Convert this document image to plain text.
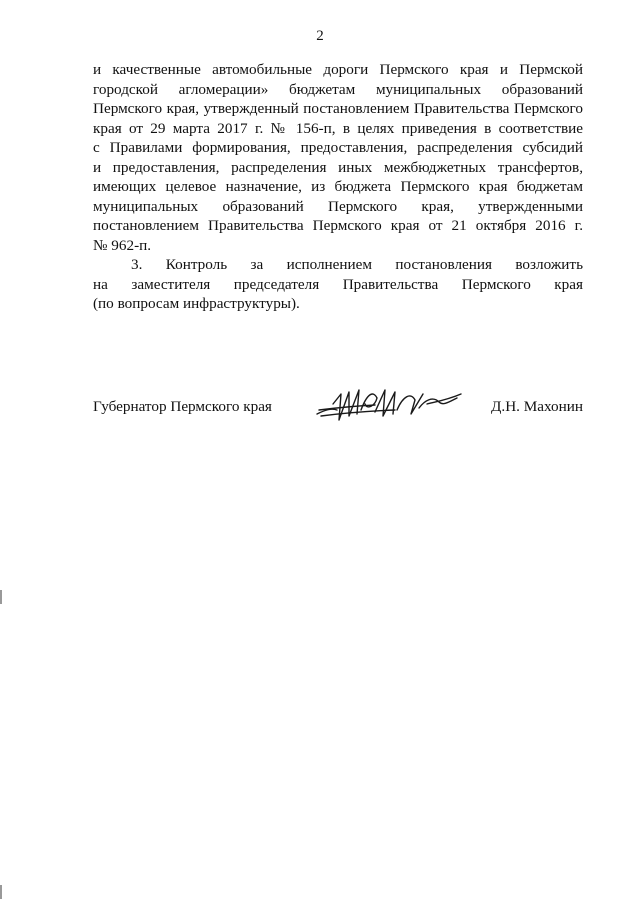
2

и качественные автомобильные дороги Пермского края и Пермской

городской агломерации» бюджетам муниципальных образований

Пермского края, утвержденный постановлением Правительства Пермского

края от 29 марта 2017 г. № 156-п, в целях приведения в соответствие

с Правилами формирования, предоставления, распределения субсидий

и предоставления, распределения иных межбюджетных трансфертов,

имеющих целевое назначение, из бюджета Пермского края бюджетам

муниципальных образований Пермского края, утвержденными

постановлением Правительства Пермского края от 21 октября 2016 г.

№ 962-п.

3. Контроль за исполнением постановления возложить

на заместителя председателя Правительства Пермского края

(по вопросам инфраструктуры).

Губернатор Пермского края	Д.Н. Махонин
